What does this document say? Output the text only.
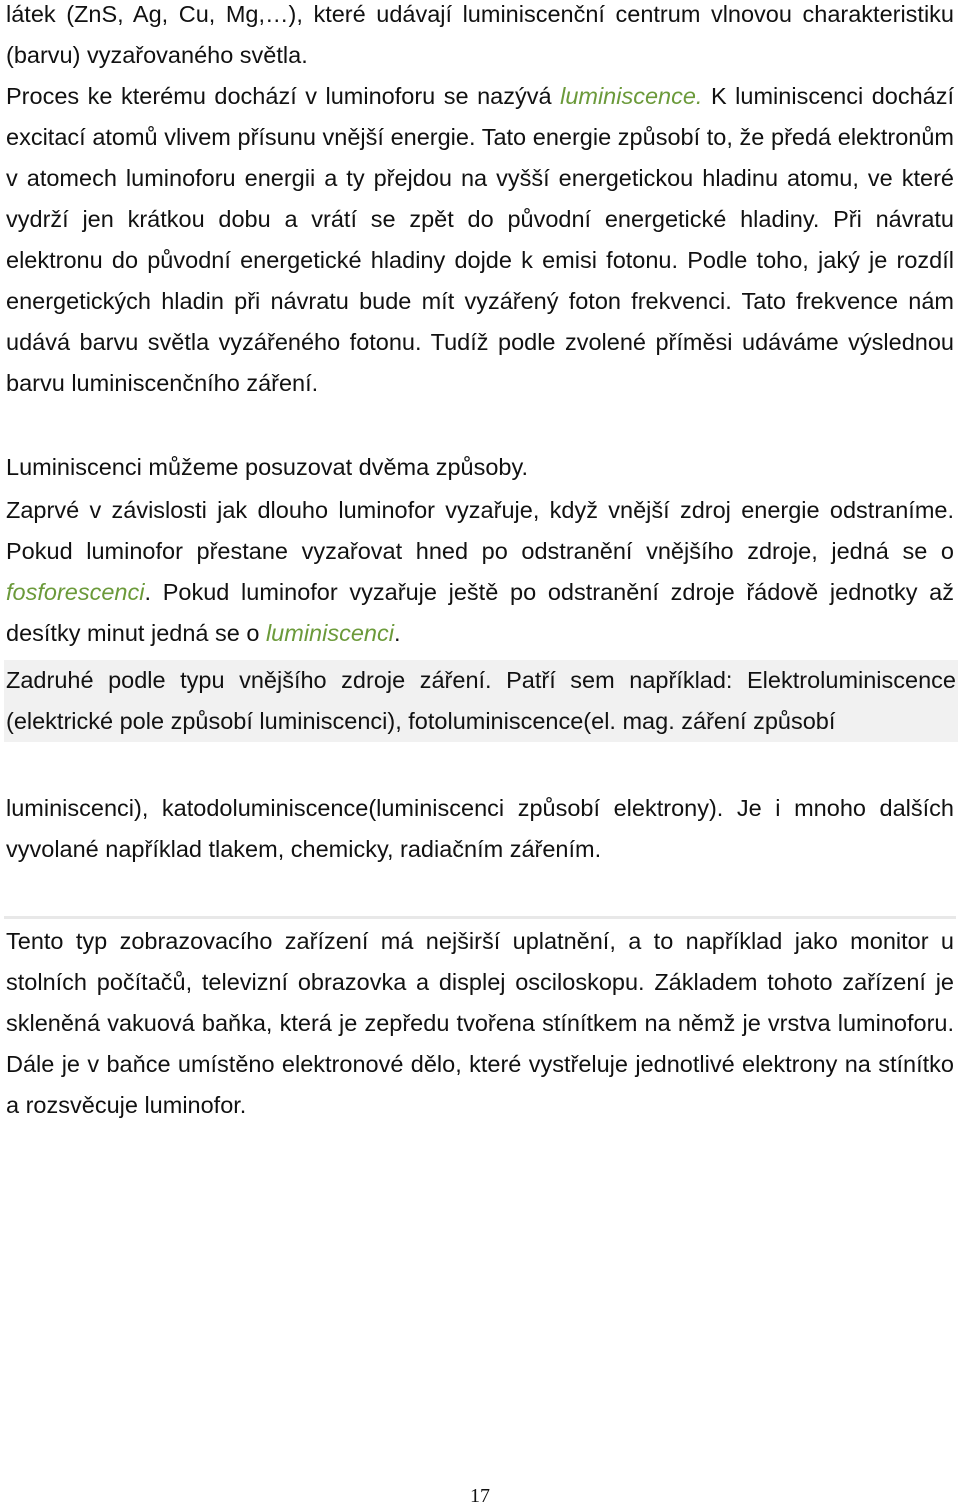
látek (ZnS, Ag, Cu, Mg,…), které udávají luminiscenční centrum vlnovou charakteristiku (barvu) vyzařovaného světla.

Proces ke kterému dochází v luminoforu se nazývá luminiscence. K luminiscenci dochází excitací atomů vlivem přísunu vnější energie. Tato energie způsobí to, že předá elektronům v atomech luminoforu energii a ty přejdou na vyšší energetickou hladinu atomu, ve které vydrží jen krátkou dobu a vrátí se zpět do původní energetické hladiny. Při návratu elektronu do původní energetické hladiny dojde k emisi fotonu. Podle toho, jaký je rozdíl energetických hladin při návratu bude mít vyzářený foton frekvenci. Tato frekvence nám udává barvu světla vyzářeného fotonu. Tudíž podle zvolené příměsi udáváme výslednou barvu luminiscenčního záření.

Luminiscenci můžeme posuzovat dvěma způsoby.

Zaprvé v závislosti jak dlouho luminofor vyzařuje, když vnější zdroj energie odstraníme. Pokud luminofor přestane vyzařovat hned po odstranění vnějšího zdroje, jedná se o fosforescenci. Pokud luminofor vyzařuje ještě po odstranění zdroje řádově jednotky až desítky minut jedná se o luminiscenci.

Zadruhé podle typu vnějšího zdroje záření. Patří sem například: Elektroluminiscence (elektrické pole způsobí luminiscenci), fotoluminiscence(el. mag. záření způsobí

luminiscenci), katodoluminiscence(luminiscenci způsobí elektrony). Je i mnoho dalších vyvolané například tlakem, chemicky, radiačním zářením.

Tento typ zobrazovacího zařízení má nejširší uplatnění, a to například jako monitor u stolních počítačů, televizní obrazovka a displej osciloskopu. Základem tohoto zařízení je skleněná vakuová baňka, která je zepředu tvořena stínítkem na němž je vrstva luminoforu. Dále je v baňce umístěno elektronové dělo, které vystřeluje jednotlivé elektrony na stínítko a rozsvěcuje luminofor.

17
